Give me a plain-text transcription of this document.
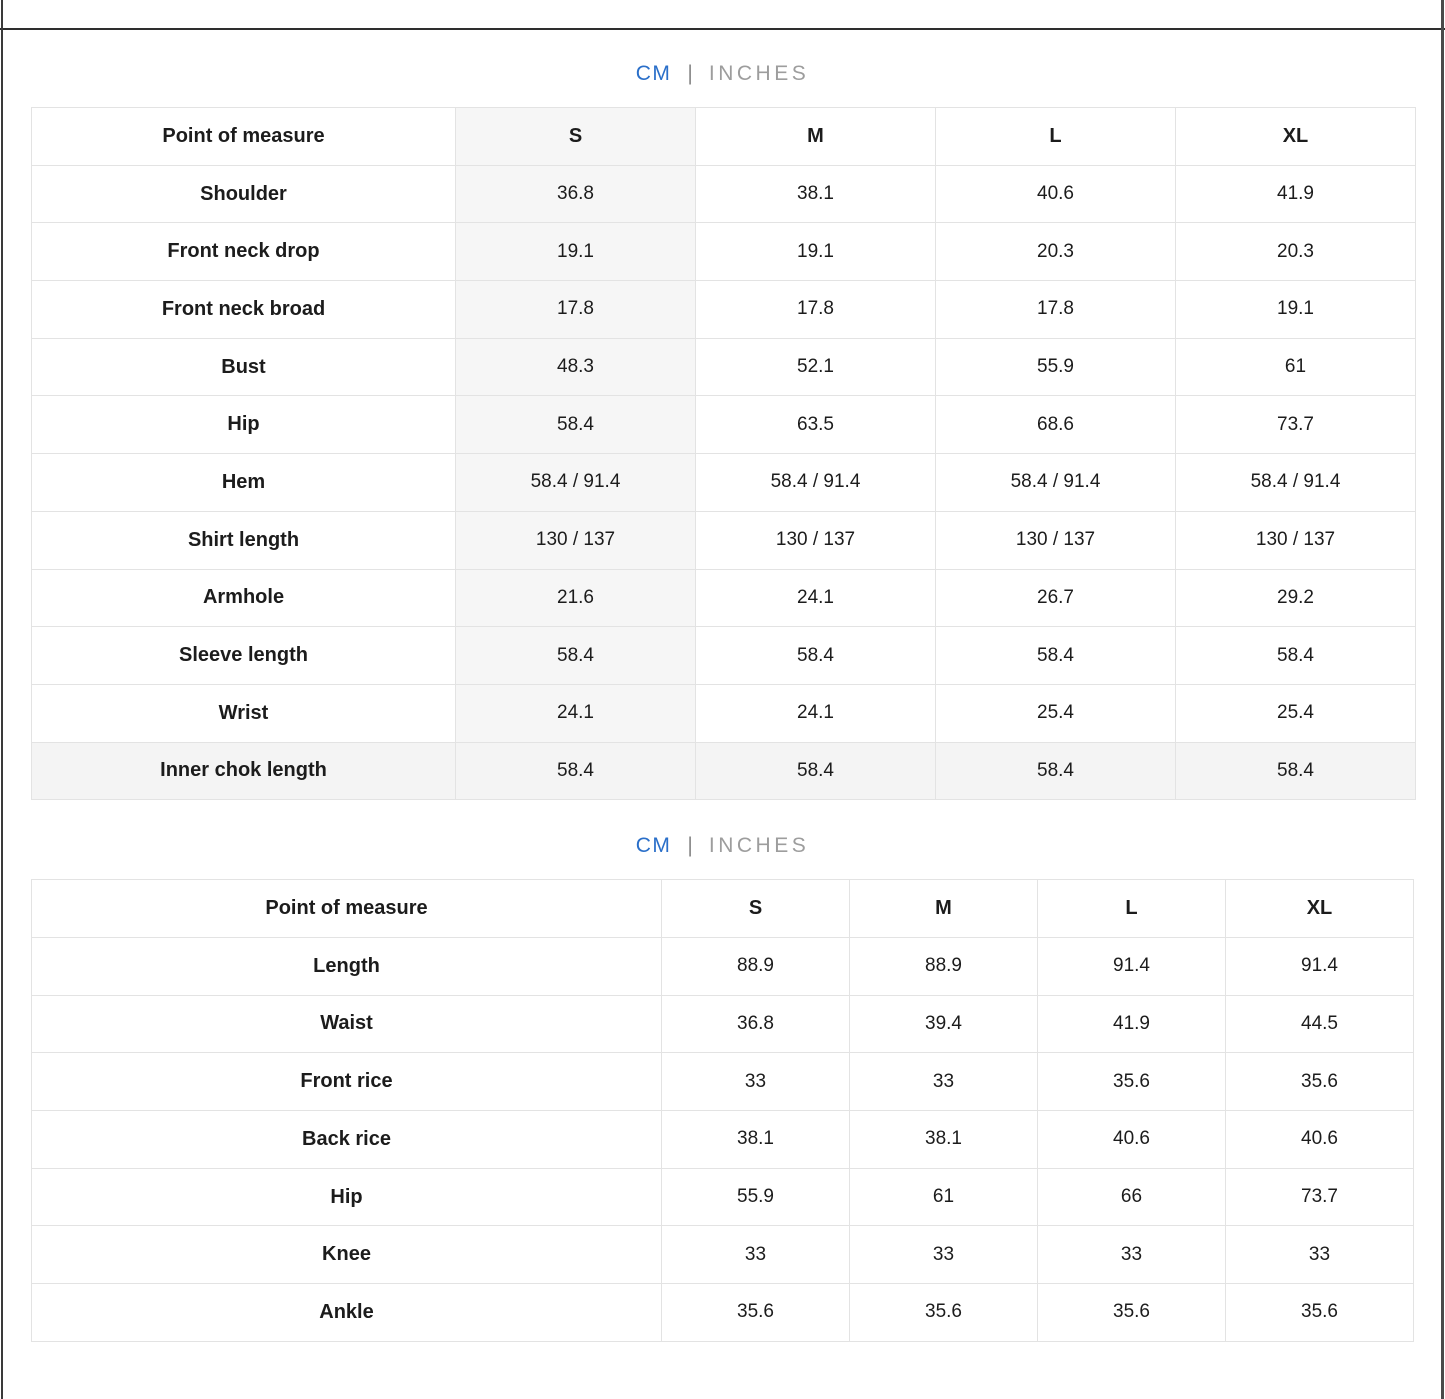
CM | INCHES
Point of measure	S	M	L	XL
Shoulder	36.8	38.1	40.6	41.9
Front neck drop	19.1	19.1	20.3	20.3
Front neck broad	17.8	17.8	17.8	19.1
Bust	48.3	52.1	55.9	61
Hip	58.4	63.5	68.6	73.7
Hem	58.4 / 91.4	58.4 / 91.4	58.4 / 91.4	58.4 / 91.4
Shirt length	130 / 137	130 / 137	130 / 137	130 / 137
Armhole	21.6	24.1	26.7	29.2
Sleeve length	58.4	58.4	58.4	58.4
Wrist	24.1	24.1	25.4	25.4
Inner chok length	58.4	58.4	58.4	58.4
CM | INCHES
Point of measure	S	M	L	XL
Length	88.9	88.9	91.4	91.4
Waist	36.8	39.4	41.9	44.5
Front rice	33	33	35.6	35.6
Back rice	38.1	38.1	40.6	40.6
Hip	55.9	61	66	73.7
Knee	33	33	33	33
Ankle	35.6	35.6	35.6	35.6
